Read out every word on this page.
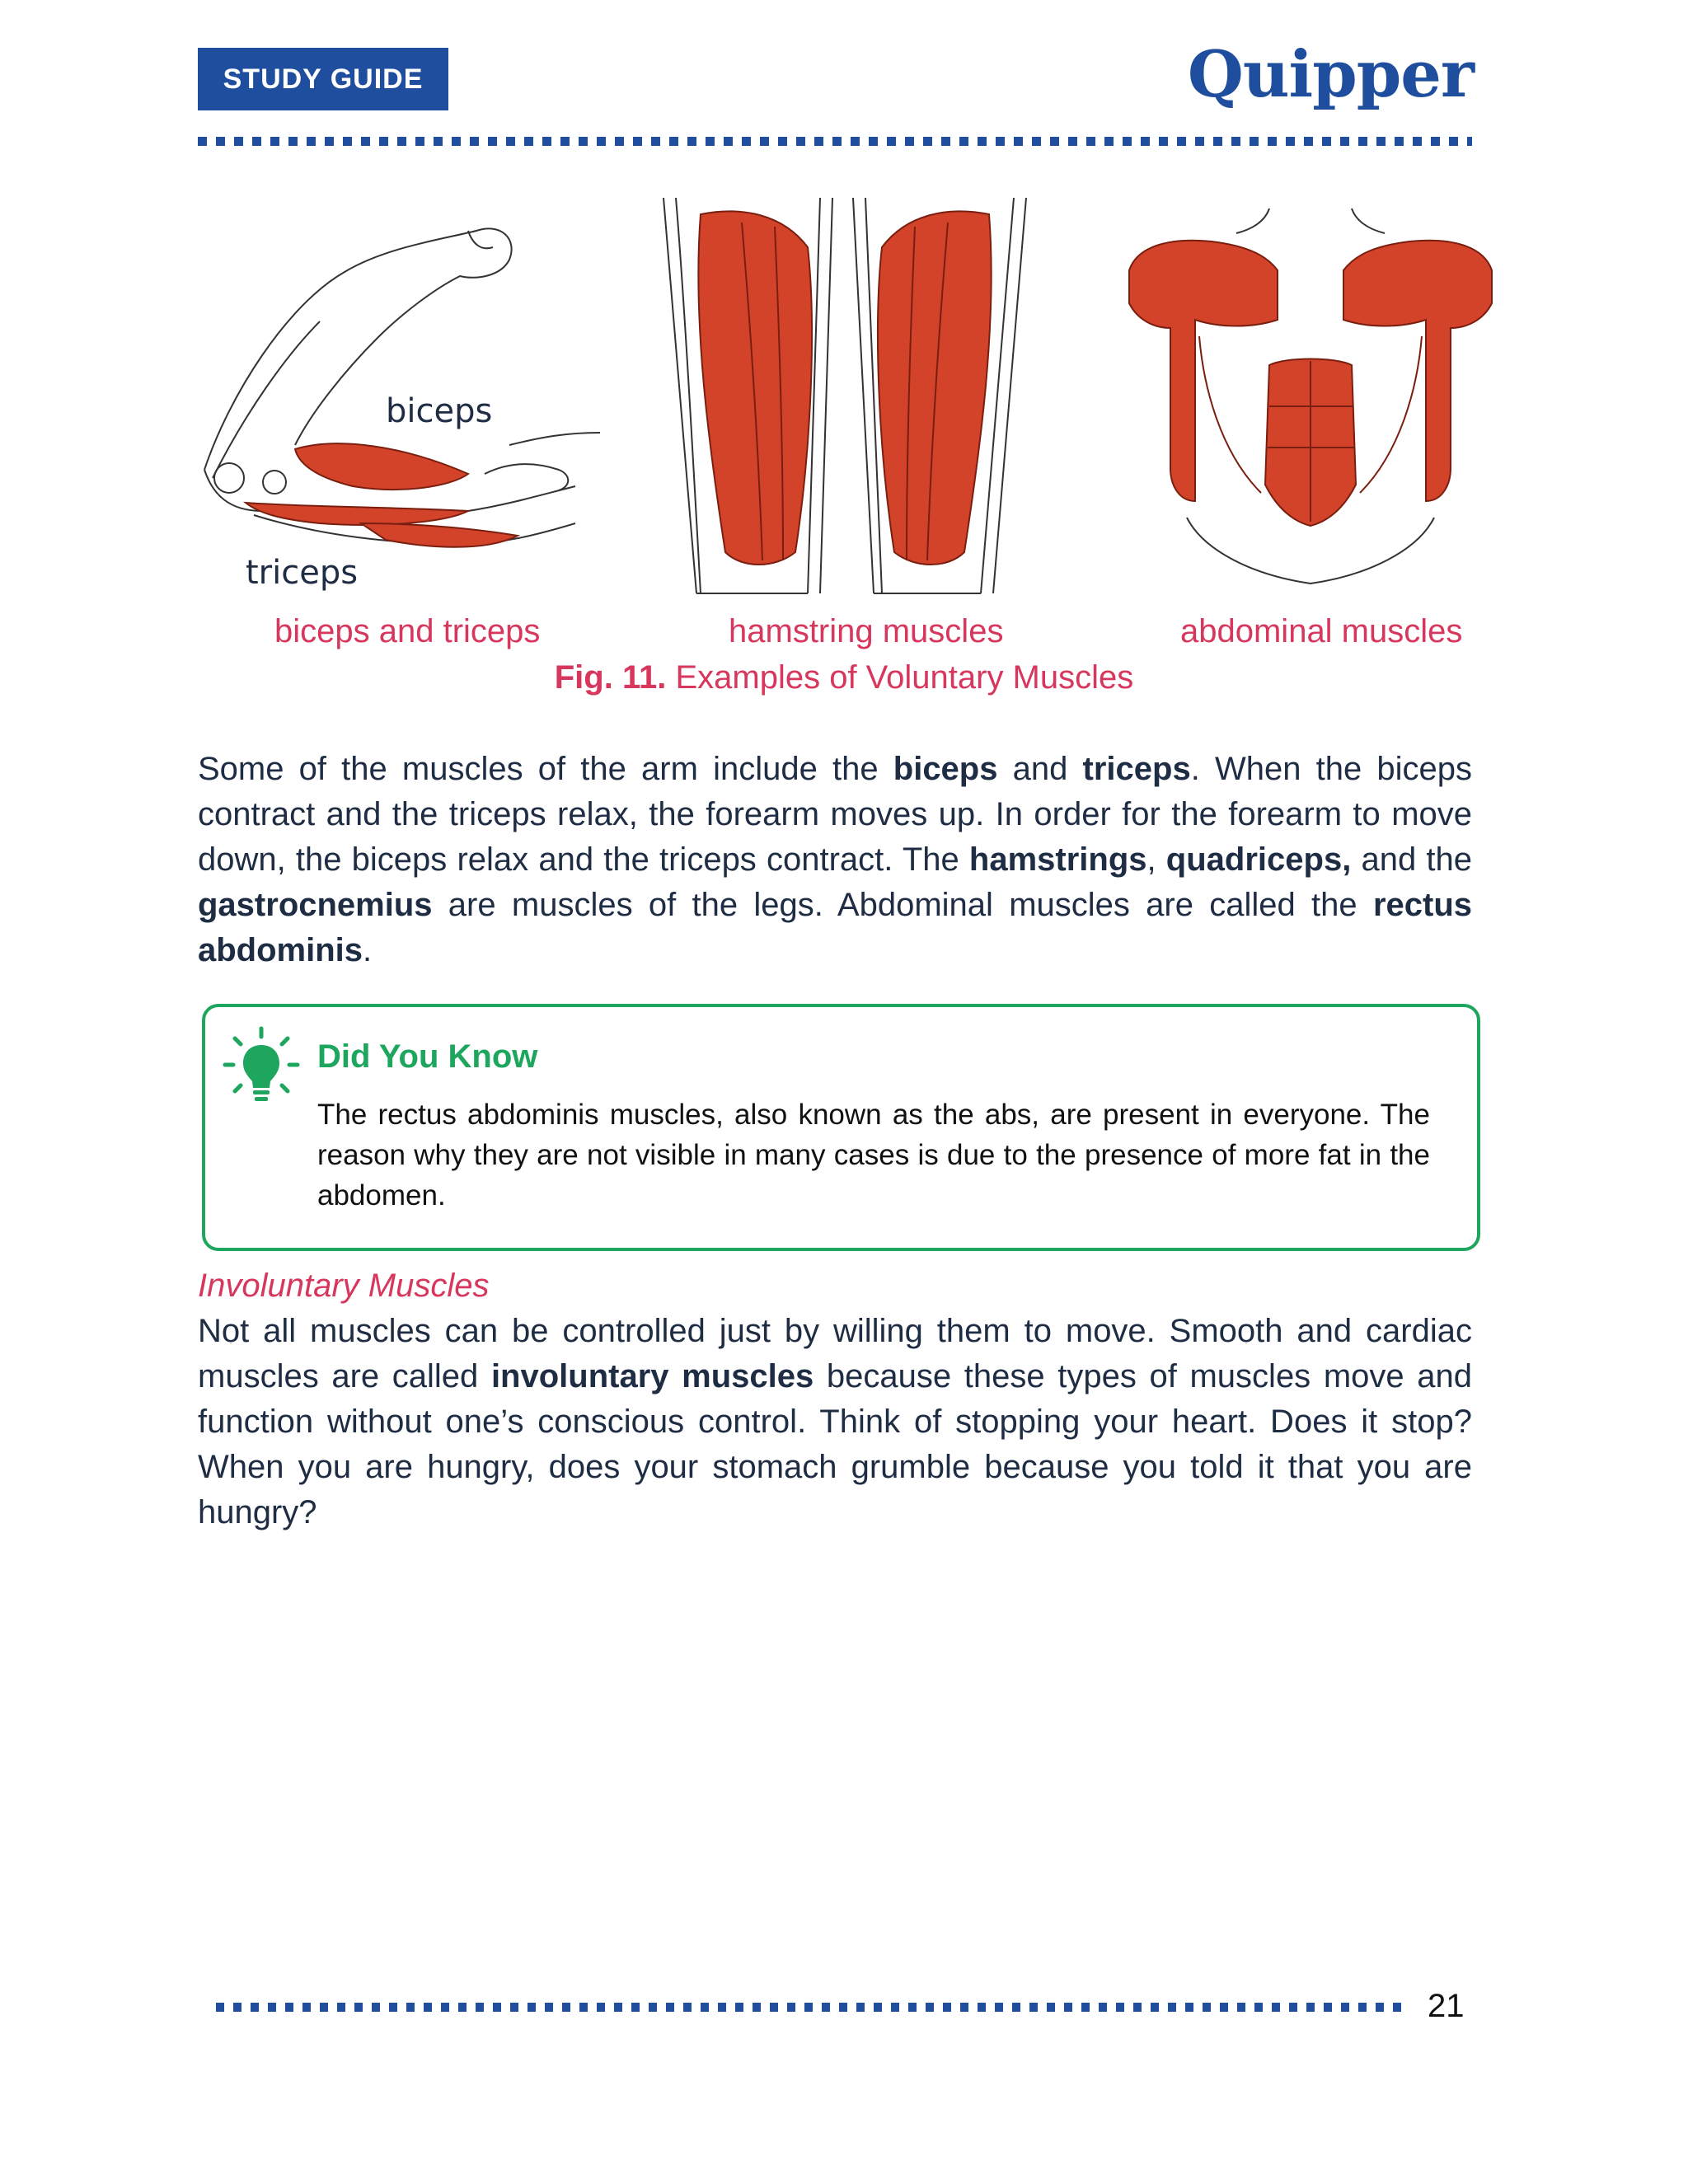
STUDY GUIDE	Quipper
biceps
triceps
biceps and triceps	hamstring muscles	abdominal muscles
Fig. 11. Examples of Voluntary Muscles
Some of the muscles of the arm include the biceps and triceps. When the biceps contract and the triceps relax, the forearm moves up. In order for the forearm to move down, the biceps relax and the triceps contract. The hamstrings, quadriceps, and the gastrocnemius are muscles of the legs. Abdominal muscles are called the rectus abdominis.
Did You Know
The rectus abdominis muscles, also known as the abs, are present in everyone. The reason why they are not visible in many cases is due to the presence of more fat in the abdomen.
Involuntary Muscles
Not all muscles can be controlled just by willing them to move. Smooth and cardiac muscles are called involuntary muscles because these types of muscles move and function without one’s conscious control. Think of stopping your heart. Does it stop? When you are hungry, does your stomach grumble because you told it that you are hungry?
21
